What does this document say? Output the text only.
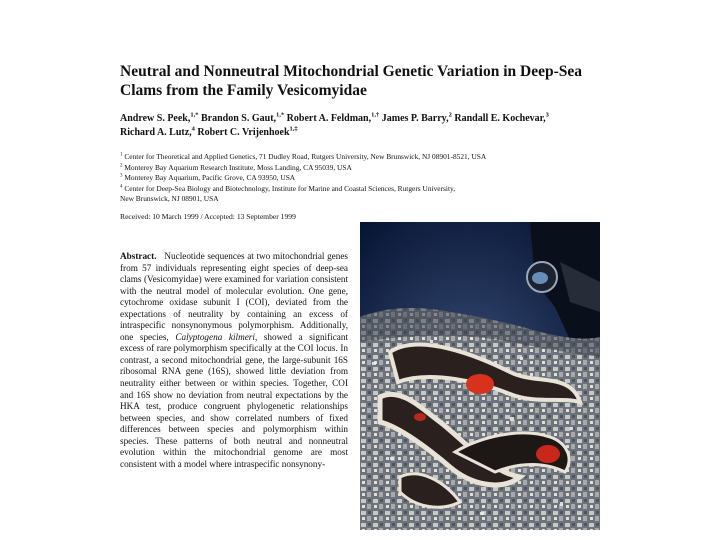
Neutral and Nonneutral Mitochondrial Genetic Variation in Deep-Sea Clams from the Family Vesicomyidae
Andrew S. Peek,$^{1,*}$ Brandon S. Gaut,$^{1,*}$ Robert A. Feldman,$^{1,\dagger}$ James P. Barry,$^2$ Randall E. Kochevar,$^3$
Richard A. Lutz,$^4$ Robert C. Vrijenhoek$^{1,\ddagger}$
$^1$ Center for Theoretical and Applied Genetics, 71 Dudley Road, Rutgers University, New Brunswick, NJ 08901-8521, USA
$^2$ Monterey Bay Aquarium Research Institute, Moss Landing, CA 95039, USA
$^3$ Monterey Bay Aquarium, Pacific Grove, CA 93950, USA
$^4$ Center for Deep-Sea Biology and Biotechnology, Institute for Marine and Coastal Sciences, Rutgers University,
New Brunswick, NJ 08901, USA
Received: 10 March 1999 / Accepted: 13 September 1999
Abstract. Nucleotide sequences at two mitochondrial genes from 57 individuals representing eight species of deep-sea clams (Vesicomyidae) were examined for variation consistent with the neutral model of molecular evolution. One gene, cytochrome oxidase subunit I (COI), deviated from the expectations of neutrality by containing an excess of intraspecific nonsynonymous polymorphism. Additionally, one species, Calyptogena kilmeri, showed a significant excess of rare polymorphism specifically at the COI locus. In contrast, a second mitochondrial gene, the large-subunit 16S ribosomal RNA gene (16S), showed little deviation from neutrality either between or within species. Together, COI and 16S show no deviation from neutral expectations by the HKA test, produce congruent phylogenetic relationships between species, and show correlated numbers of fixed differences between species and polymorphism within species. These patterns of both neutral and nonneutral evolution within the mitochondrial genome are most consistent with a model where intraspecific nonsynony-
